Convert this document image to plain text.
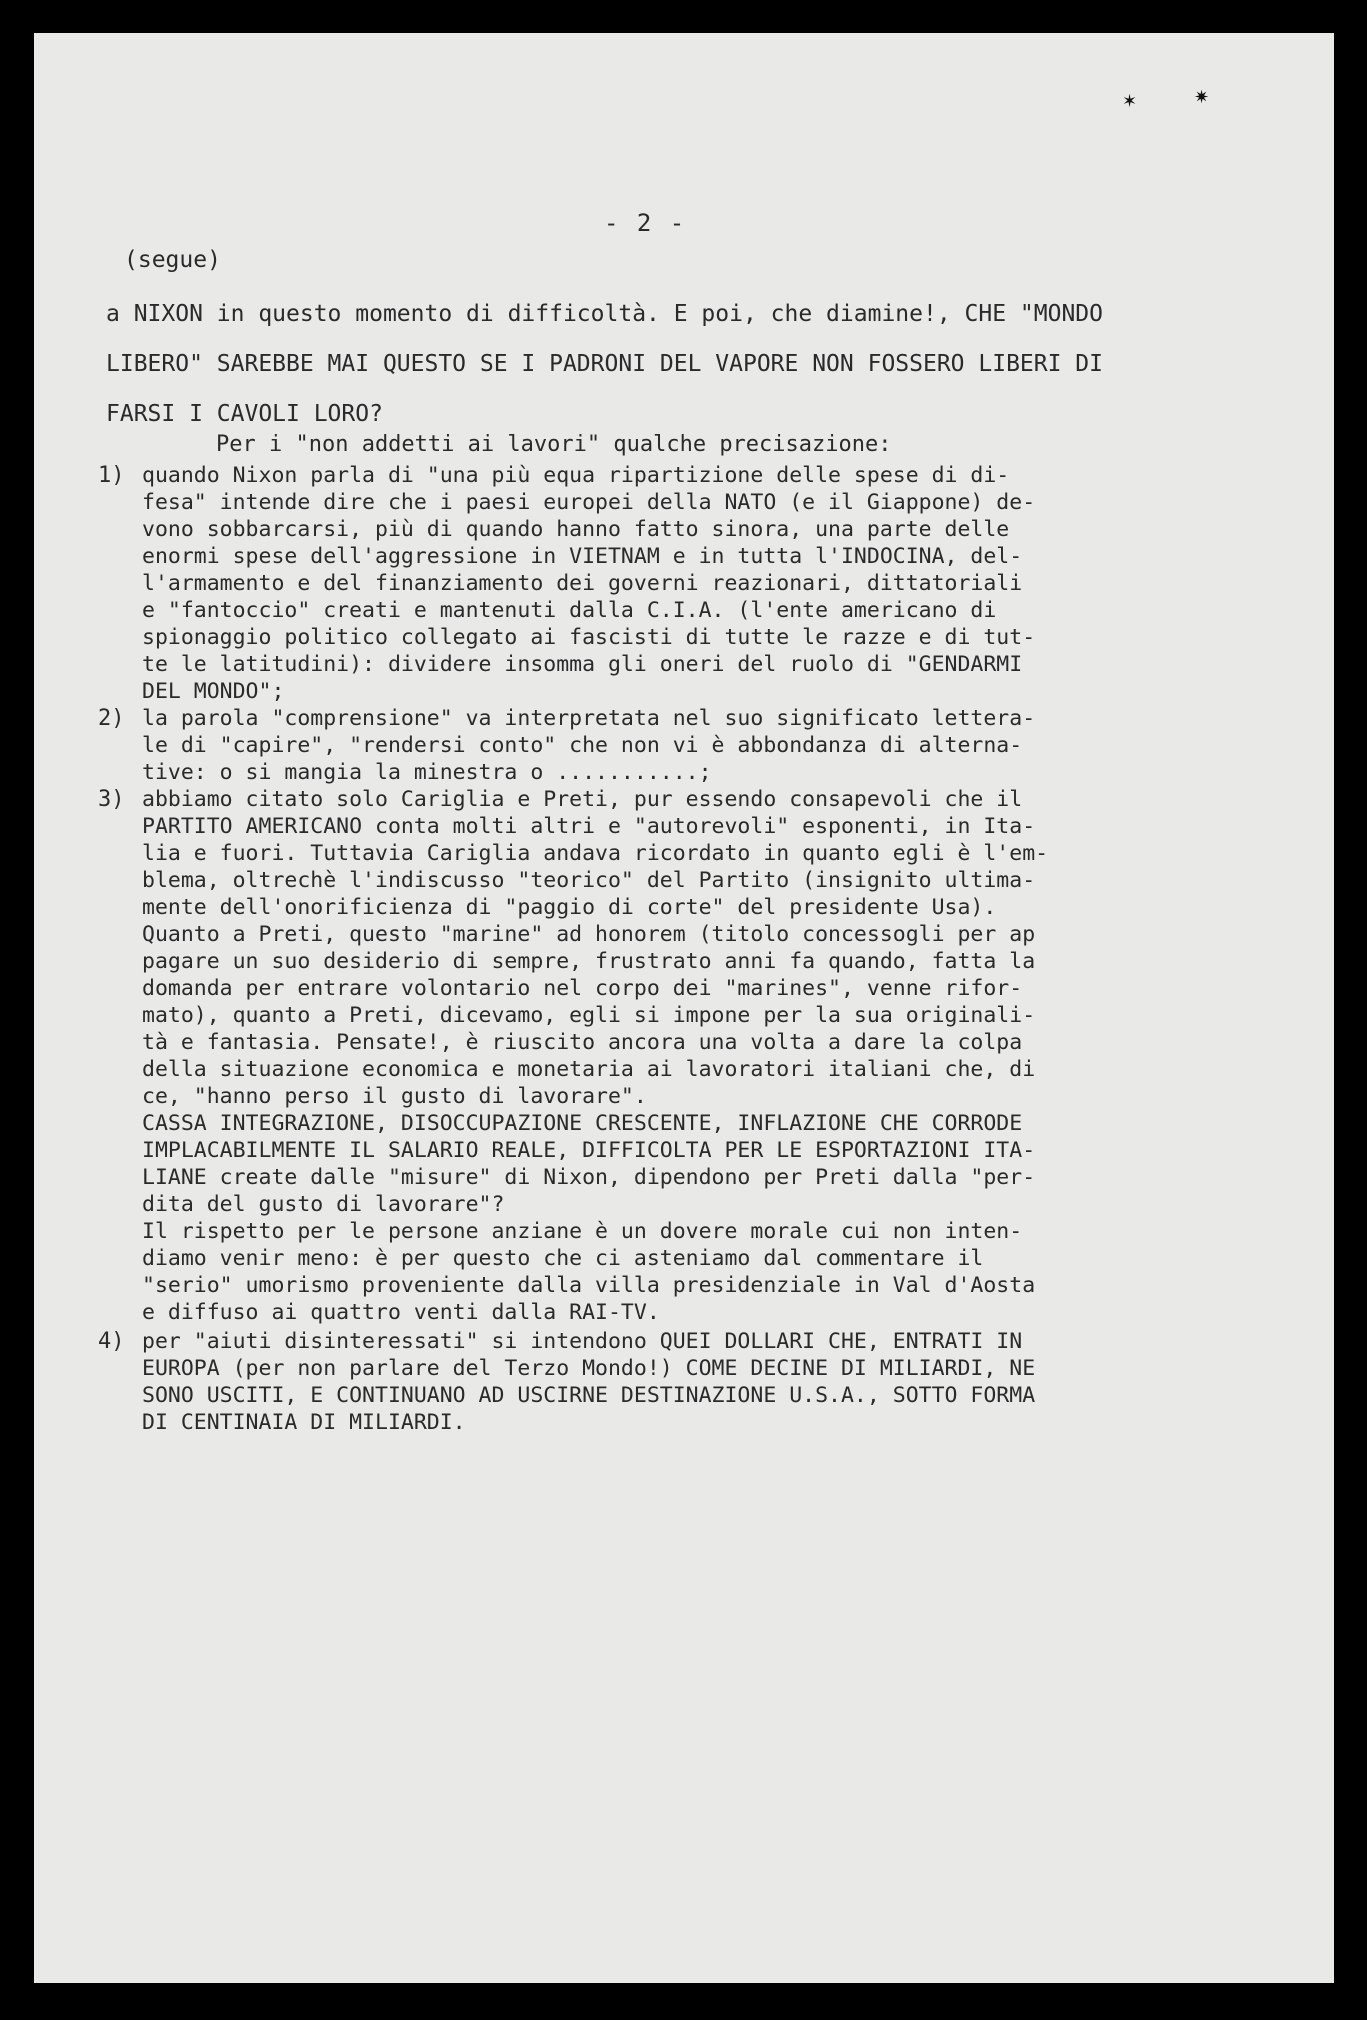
✶	✷
- 2 -
(segue)
a NIXON in questo momento di difficoltà. E poi, che diamine!, CHE "MONDO
LIBERO" SAREBBE MAI QUESTO SE I PADRONI DEL VAPORE NON FOSSERO LIBERI DI
FARSI I CAVOLI LORO?
Per i "non addetti ai lavori" qualche precisazione:
1) quando Nixon parla di "una più equa ripartizione delle spese di di-
fesa" intende dire che i paesi europei della NATO (e il Giappone) de-
vono sobbarcarsi, più di quando hanno fatto sinora, una parte delle
enormi spese dell'aggressione in VIETNAM e in tutta l'INDOCINA, del-
l'armamento e del finanziamento dei governi reazionari, dittatoriali
e "fantoccio" creati e mantenuti dalla C.I.A. (l'ente americano di
spionaggio politico collegato ai fascisti di tutte le razze e di tut-
te le latitudini): dividere insomma gli oneri del ruolo di "GENDARMI
DEL MONDO";
2) la parola "comprensione" va interpretata nel suo significato lettera-
le di "capire", "rendersi conto" che non vi è abbondanza di alterna-
tive: o si mangia la minestra o ...........;
3) abbiamo citato solo Cariglia e Preti, pur essendo consapevoli che il
PARTITO AMERICANO conta molti altri e "autorevoli" esponenti, in Ita-
lia e fuori. Tuttavia Cariglia andava ricordato in quanto egli è l'em-
blema, oltrechè l'indiscusso "teorico" del Partito (insignito ultima-
mente dell'onorificienza di "paggio di corte" del presidente Usa).
Quanto a Preti, questo "marine" ad honorem (titolo concessogli per ap
pagare un suo desiderio di sempre, frustrato anni fa quando, fatta la
domanda per entrare volontario nel corpo dei "marines", venne rifor-
mato), quanto a Preti, dicevamo, egli si impone per la sua originali-
tà e fantasia. Pensate!, è riuscito ancora una volta a dare la colpa
della situazione economica e monetaria ai lavoratori italiani che, di
ce, "hanno perso il gusto di lavorare".
CASSA INTEGRAZIONE, DISOCCUPAZIONE CRESCENTE, INFLAZIONE CHE CORRODE
IMPLACABILMENTE IL SALARIO REALE, DIFFICOLTA PER LE ESPORTAZIONI ITA-
LIANE create dalle "misure" di Nixon, dipendono per Preti dalla "per-
dita del gusto di lavorare"?
Il rispetto per le persone anziane è un dovere morale cui non inten-
diamo venir meno: è per questo che ci asteniamo dal commentare il
"serio" umorismo proveniente dalla villa presidenziale in Val d'Aosta
e diffuso ai quattro venti dalla RAI-TV.
4) per "aiuti disinteressati" si intendono QUEI DOLLARI CHE, ENTRATI IN
EUROPA (per non parlare del Terzo Mondo!) COME DECINE DI MILIARDI, NE
SONO USCITI, E CONTINUANO AD USCIRNE DESTINAZIONE U.S.A., SOTTO FORMA
DI CENTINAIA DI MILIARDI.
